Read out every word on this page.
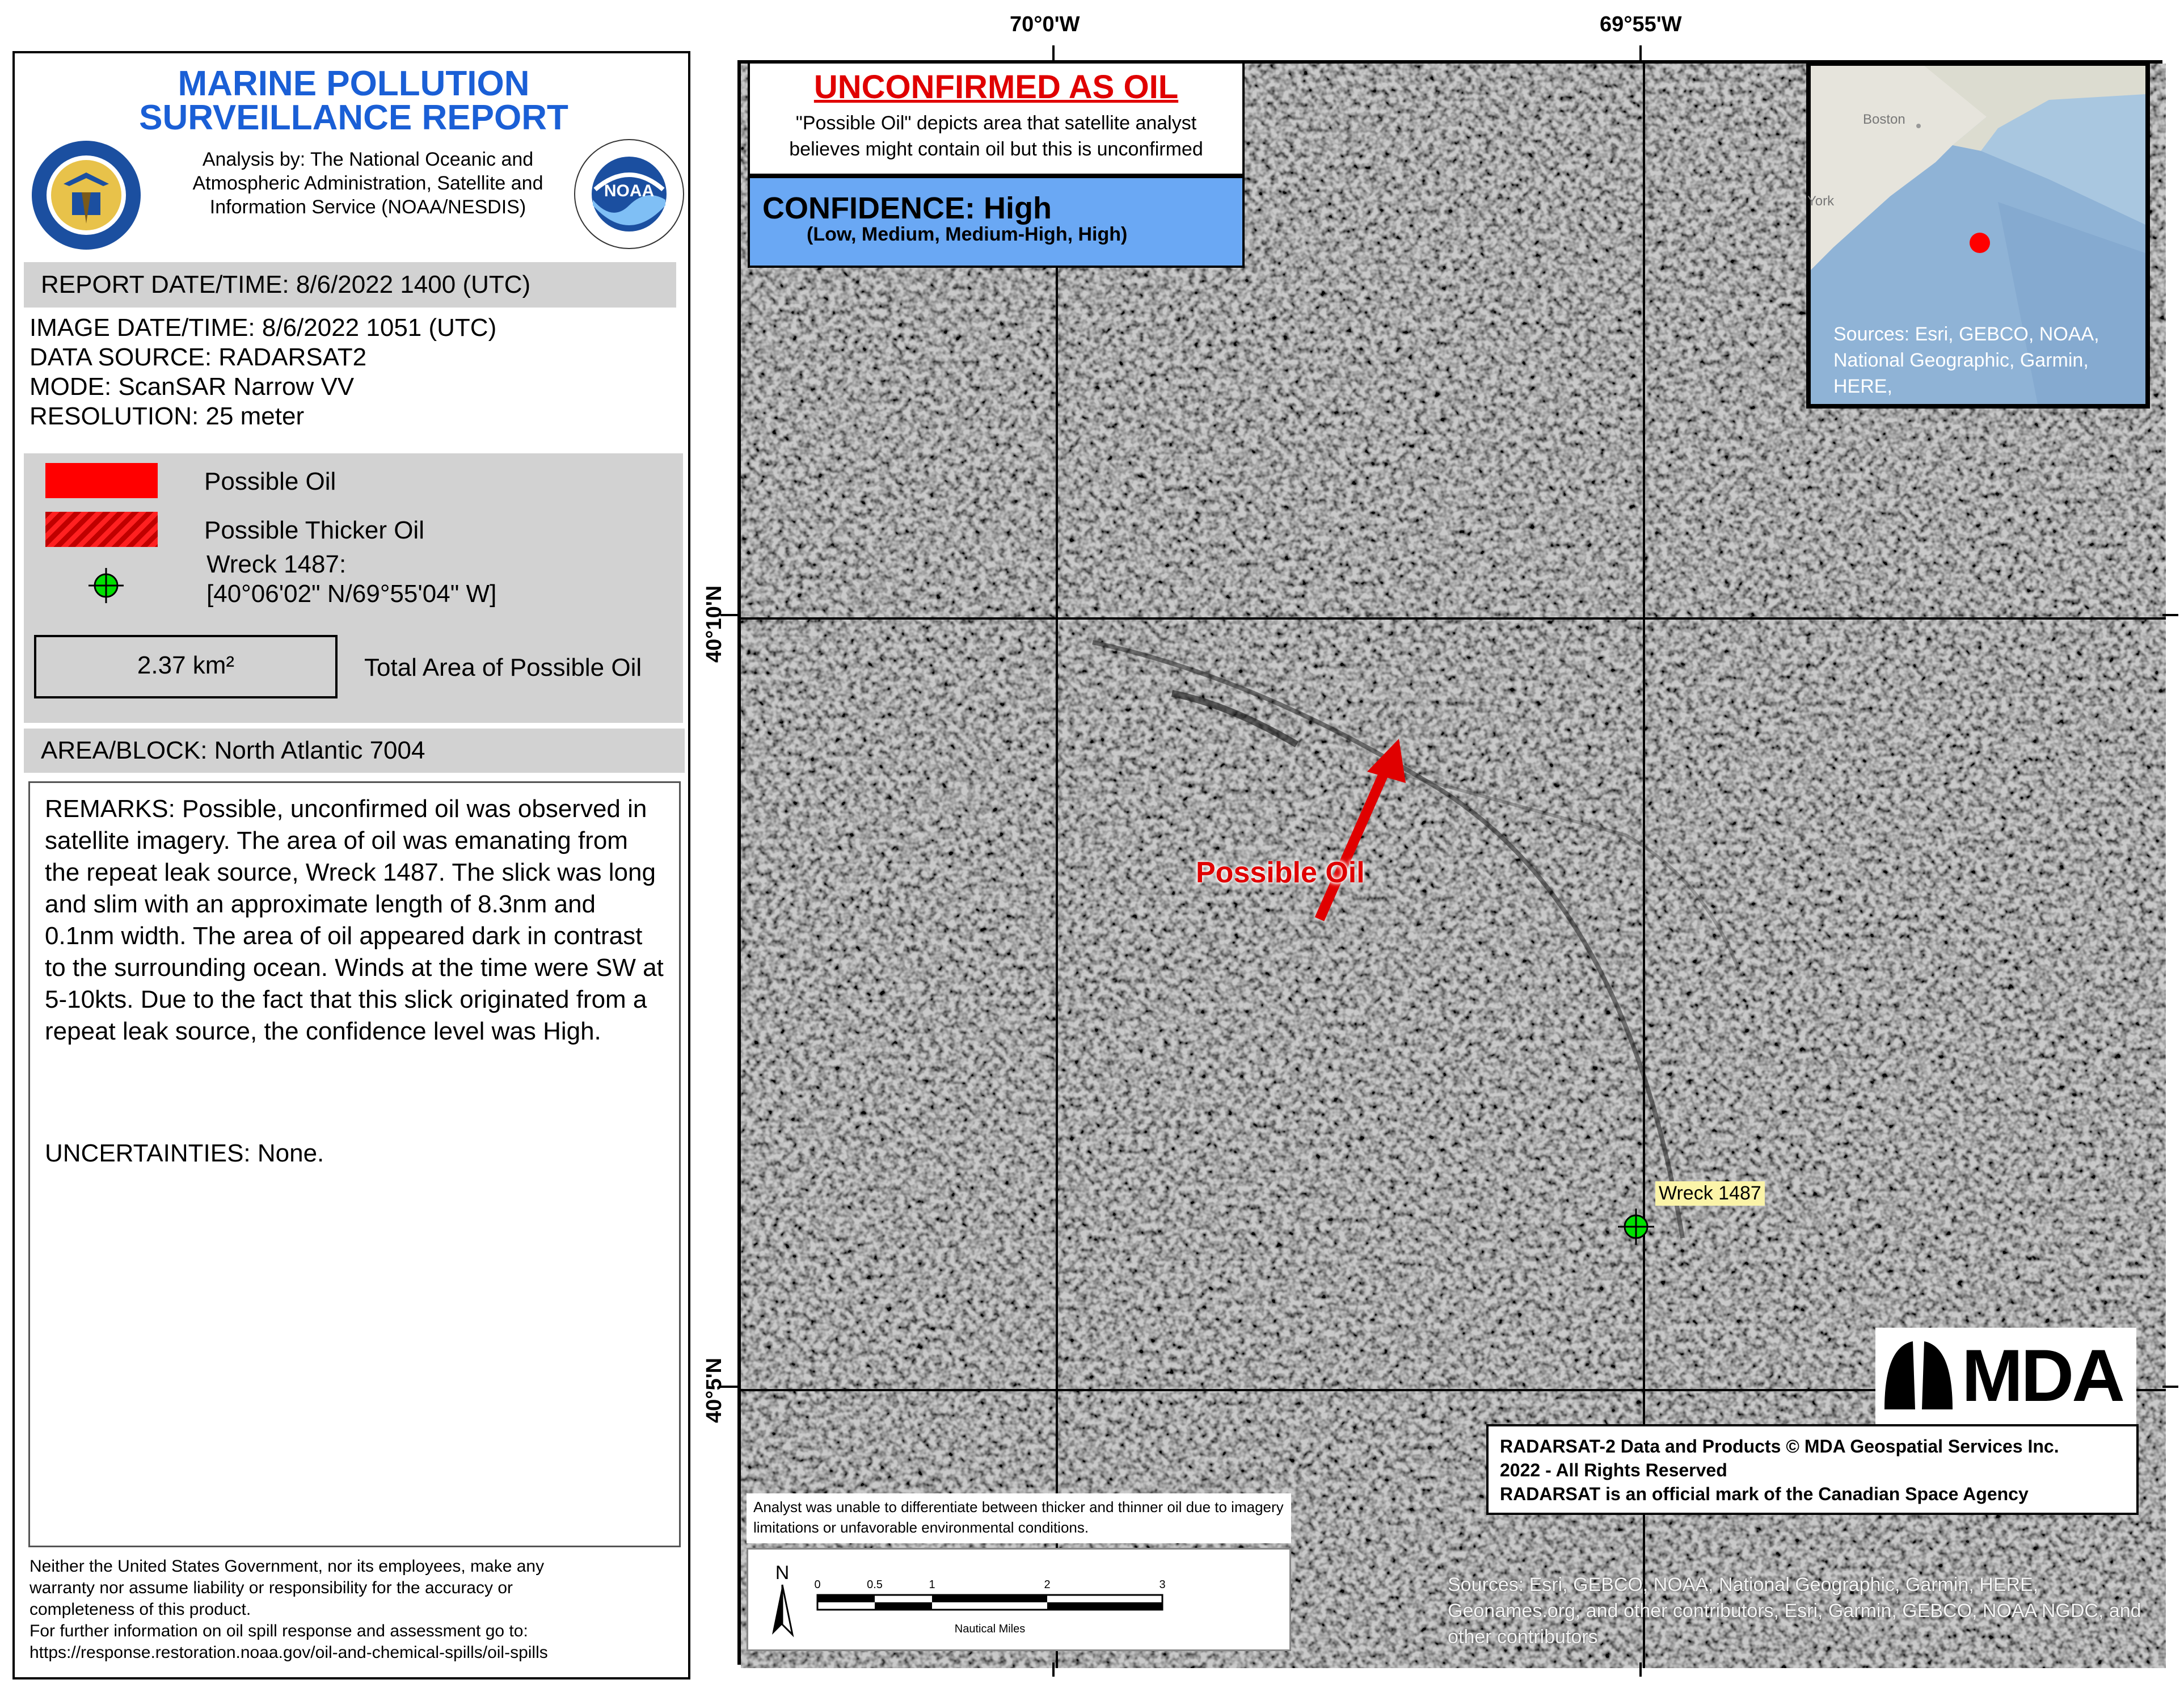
MARINE POLLUTION
SURVEILLANCE REPORT
Analysis by: The National Oceanic and
Atmospheric Administration, Satellite and
Information Service (NOAA/NESDIS)
NOAA
REPORT DATE/TIME: 8/6/2022 1400 (UTC)
IMAGE DATE/TIME: 8/6/2022 1051 (UTC)
DATA SOURCE: RADARSAT2
MODE: ScanSAR Narrow VV
RESOLUTION: 25 meter
Possible Oil
Possible Thicker Oil
Wreck 1487:
[40°06'02" N/69°55'04" W]
2.37 km²	Total Area of Possible Oil
AREA/BLOCK: North Atlantic 7004
REMARKS: Possible, unconfirmed oil was observed in satellite imagery. The area of oil was emanating from the repeat leak source, Wreck 1487. The slick was long and slim with an approximate length of 8.3nm and 0.1nm width. The area of oil appeared dark in contrast to the surrounding ocean. Winds at the time were SW at 5-10kts. Due to the fact that this slick originated from a repeat leak source, the confidence level was High.
UNCERTAINTIES: None.
Neither the United States Government, nor its employees, make any
warranty nor assume liability or responsibility for the accuracy or
completeness of this product.
For further information on oil spill response and assessment go to:
https://response.restoration.noaa.gov/oil-and-chemical-spills/oil-spills
70°0'W	69°55'W
40°10'N
40°5'N
UNCONFIRMED AS OIL
"Possible Oil" depicts area that satellite analyst
believes might contain oil but this is unconfirmed
CONFIDENCE: High
(Low, Medium, Medium-High, High)
Boston
York
Sources: Esri, GEBCO, NOAA, National Geographic, Garmin, HERE,
Possible Oil
Wreck 1487
MDA
RADARSAT-2 Data and Products © MDA Geospatial Services Inc.
2022 - All Rights Reserved
RADARSAT is an official mark of the Canadian Space Agency
Analyst was unable to differentiate between thicker and thinner oil due to imagery limitations or unfavorable environmental conditions.
N
0	0.5	1	2	3
Nautical Miles
Sources: Esri, GEBCO, NOAA, National Geographic, Garmin, HERE, Geonames.org, and other contributors, Esri, Garmin, GEBCO, NOAA NGDC, and other contributors
